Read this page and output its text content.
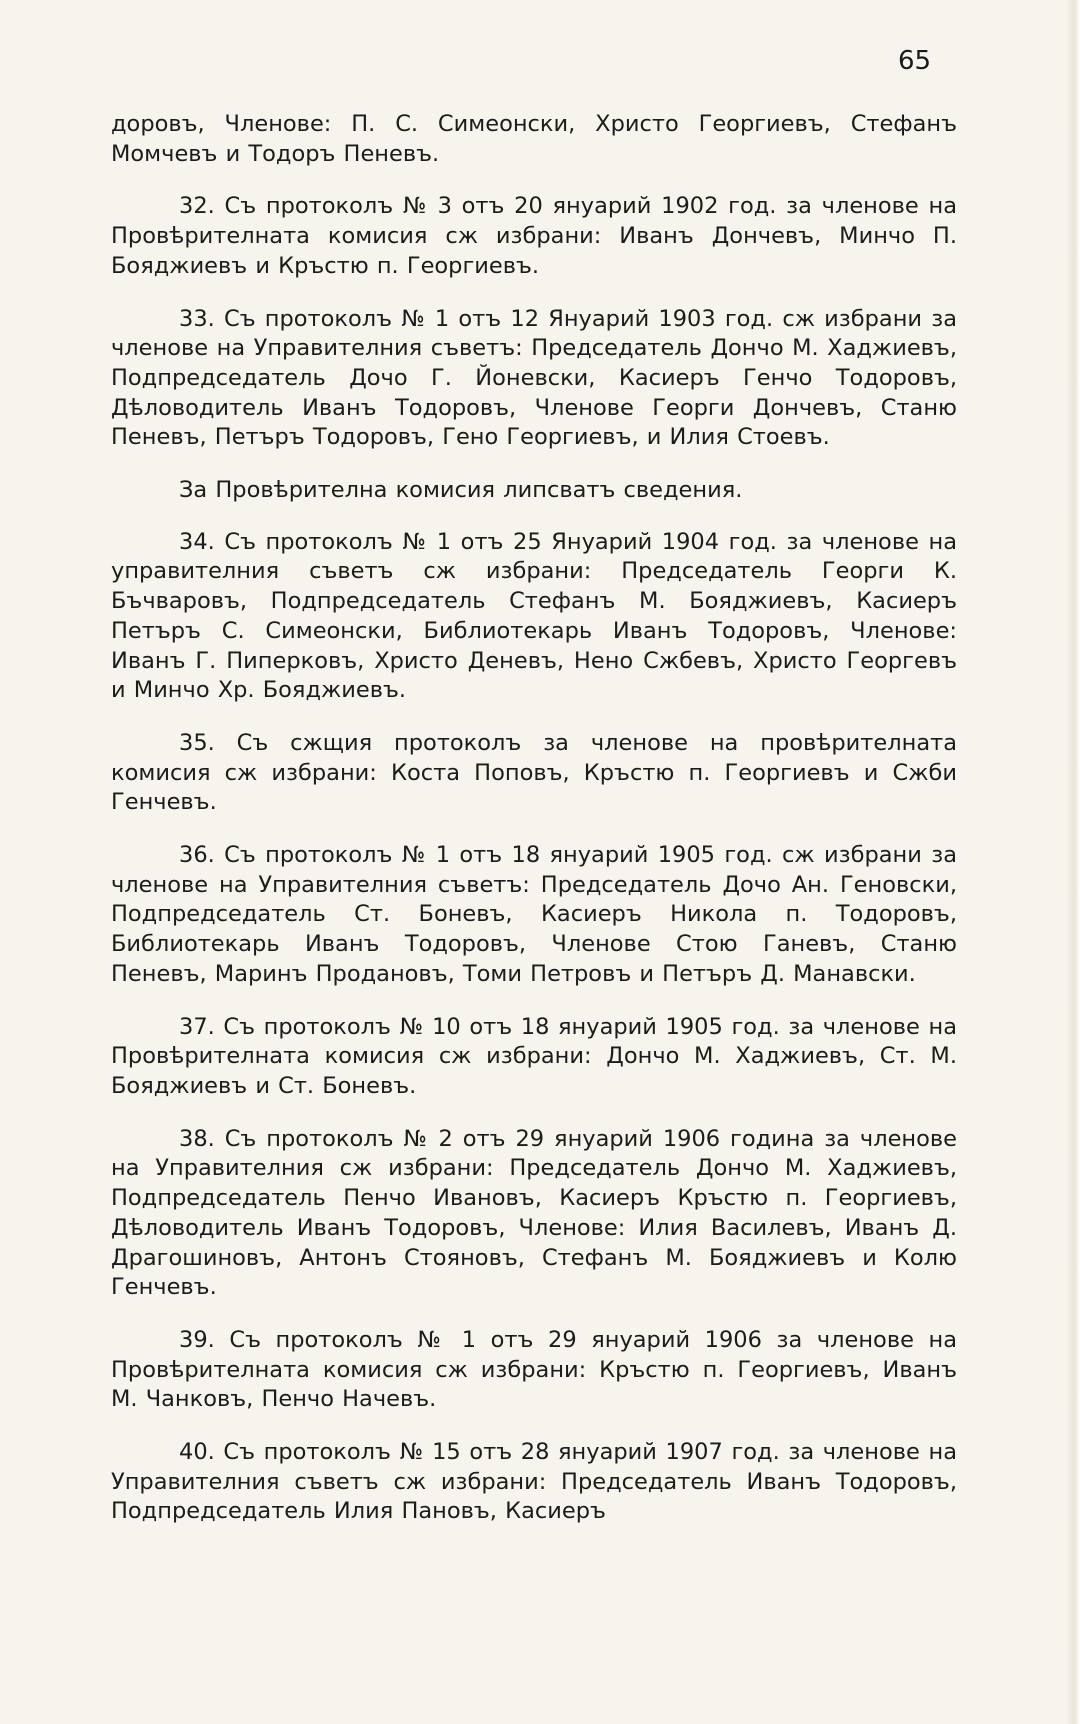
65

доровъ, Членове: П. С. Симеонски, Христо Георгиевъ, Стефанъ Момчевъ и Тодоръ Пеневъ.

32. Съ протоколъ № 3 отъ 20 януарий 1902 год. за членове на Провѣрителната комисия сж избрани: Иванъ Дончевъ, Минчо П. Бояджиевъ и Кръстю п. Георгиевъ.

33. Съ протоколъ № 1 отъ 12 Януарий 1903 год. сж избрани за членове на Управителния съветъ: Председатель Дончо М. Хаджиевъ, Подпредседатель Дочо Г. Йоневски, Касиеръ Генчо Тодоровъ, Дѣловодитель Иванъ Тодоровъ, Членове Георги Дончевъ, Станю Пеневъ, Петъръ Тодоровъ, Гено Георгиевъ, и Илия Стоевъ.

За Провѣрителна комисия липсватъ сведения.

34. Съ протоколъ № 1 отъ 25 Януарий 1904 год. за членове на управителния съветъ сж избрани: Председатель Георги К. Бъчваровъ, Подпредседатель Стефанъ М. Бояджиевъ, Касиеръ Петъръ С. Симеонски, Библиотекарь Иванъ Тодоровъ, Членове: Иванъ Г. Пиперковъ, Христо Деневъ, Нено Сжбевъ, Христо Георгевъ и Минчо Хр. Бояджиевъ.

35. Съ сжщия протоколъ за членове на провѣрителната комисия сж избрани: Коста Поповъ, Кръстю п. Георгиевъ и Сжби Генчевъ.

36. Съ протоколъ № 1 отъ 18 януарий 1905 год. сж избрани за членове на Управителния съветъ: Председатель Дочо Ан. Геновски, Подпредседатель Ст. Боневъ, Касиеръ Никола п. Тодоровъ, Библиотекарь Иванъ Тодоровъ, Членове Стою Ганевъ, Станю Пеневъ, Маринъ Продановъ, Томи Петровъ и Петъръ Д. Манавски.

37. Съ протоколъ № 10 отъ 18 януарий 1905 год. за членове на Провѣрителната комисия сж избрани: Дончо М. Хаджиевъ, Ст. М. Бояджиевъ и Ст. Боневъ.

38. Съ протоколъ № 2 отъ 29 януарий 1906 година за членове на Управителния сж избрани: Председатель Дончо М. Хаджиевъ, Подпредседатель Пенчо Ивановъ, Касиеръ Кръстю п. Георгиевъ, Дѣловодитель Иванъ Тодоровъ, Членове: Илия Василевъ, Иванъ Д. Драгошиновъ, Антонъ Стояновъ, Стефанъ М. Бояджиевъ и Колю Генчевъ.

39. Съ протоколъ № 1 отъ 29 януарий 1906 за членове на Провѣрителната комисия сж избрани: Кръстю п. Георгиевъ, Иванъ М. Чанковъ, Пенчо Начевъ.

40. Съ протоколъ № 15 отъ 28 януарий 1907 год. за членове на Управителния съветъ сж избрани: Председатель Иванъ Тодоровъ, Подпредседатель Илия Пановъ, Касиеръ
